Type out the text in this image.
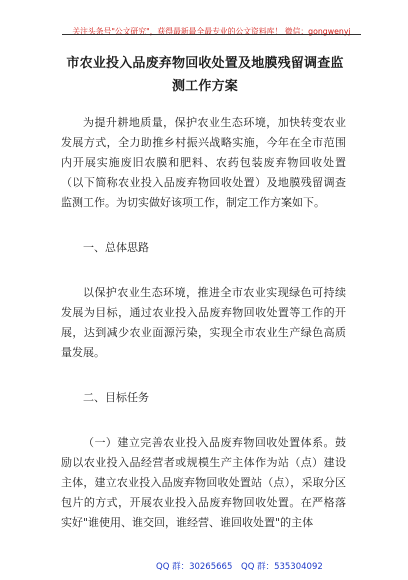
关注头条号"公文研究"，获得最新最全最专业的公文资料库！ 微信：gongwenyj
市农业投入品废弃物回收处置及地膜残留调查监测工作方案

为提升耕地质量，保护农业生态环境，加快转变农业发展方式，全力助推乡村振兴战略实施，今年在全市范围内开展实施废旧农膜和肥料、农药包装废弃物回收处置（以下简称农业投入品废弃物回收处置）及地膜残留调查监测工作。为切实做好该项工作，制定工作方案如下。

一、总体思路

以保护农业生态环境，推进全市农业实现绿色可持续发展为目标，通过农业投入品废弃物回收处置等工作的开展，达到减少农业面源污染，实现全市农业生产绿色高质量发展。

二、目标任务

（一）建立完善农业投入品废弃物回收处置体系。鼓励以农业投入品经营者或规模生产主体作为站（点）建设主体，建立农业投入品废弃物回收处置站（点），采取分区包片的方式，开展农业投入品废弃物回收处置。在严格落实好"谁使用、谁交回，谁经营、谁回收处置"的主体

QQ 群：30265665 QQ 群：535304092
